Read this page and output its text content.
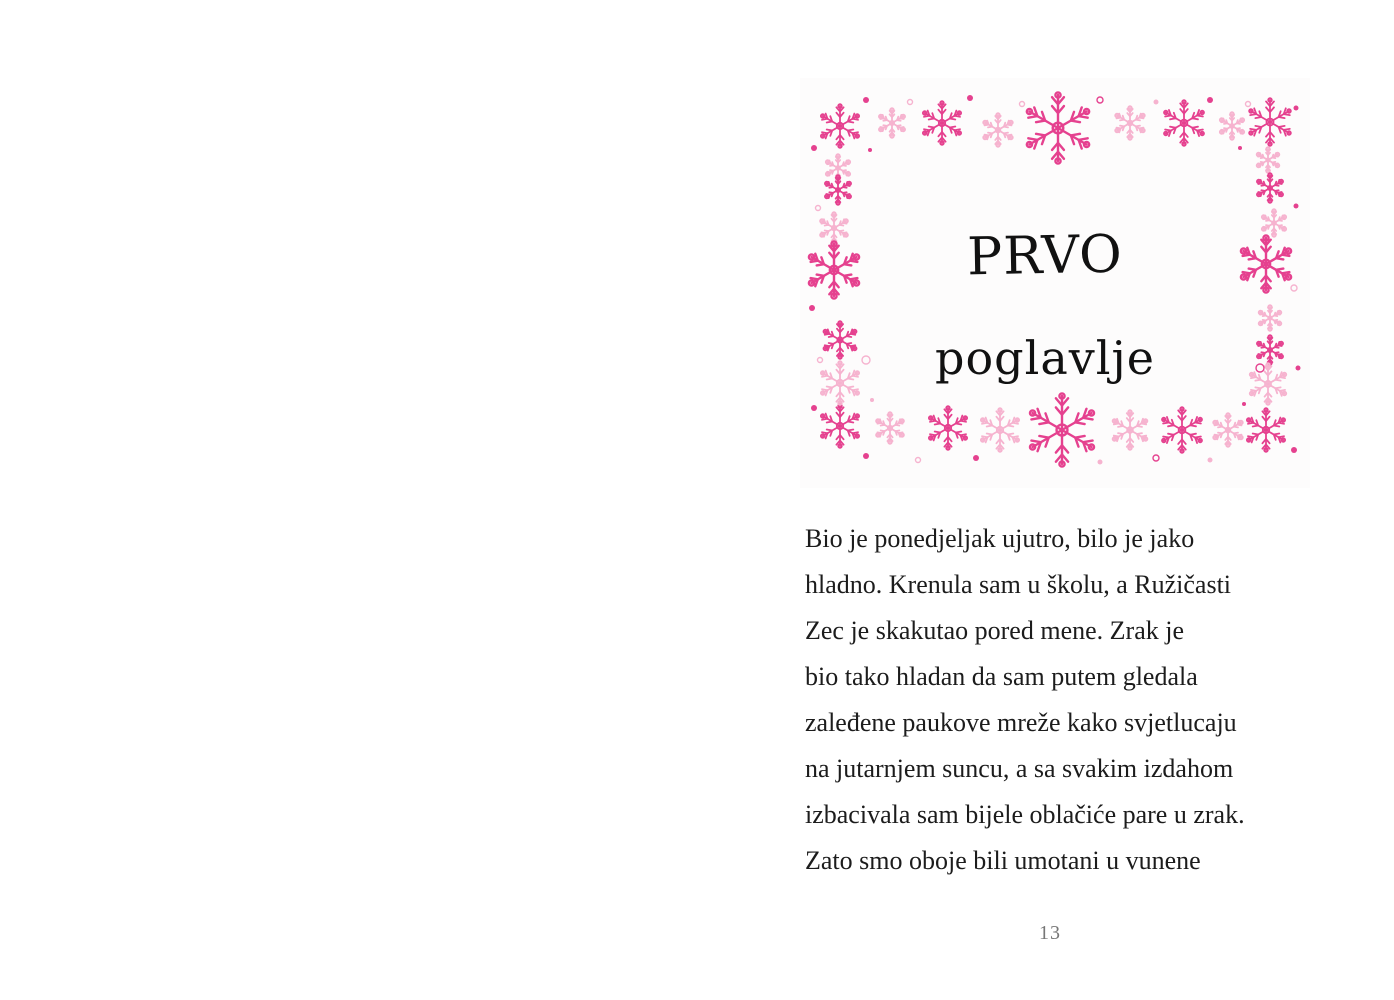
PRVO
poglavlje
Bio je ponedjeljak ujutro, bilo je jako
hladno. Krenula sam u školu, a Ružičasti
Zec je skakutao pored mene. Zrak je
bio tako hladan da sam putem gledala
zaleđene paukove mreže kako svjetlucaju
na jutarnjem suncu, a sa svakim izdahom
izbacivala sam bijele oblačiće pare u zrak.
Zato smo oboje bili umotani u vunene
13
